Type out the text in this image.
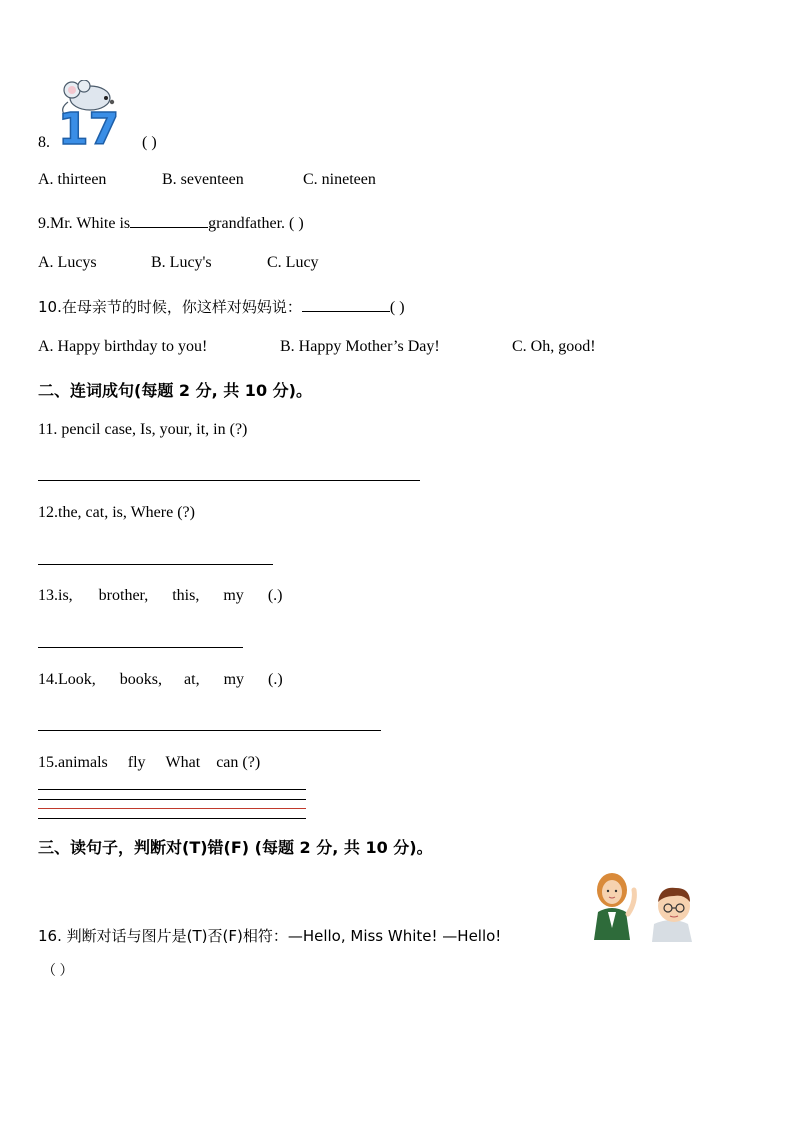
17
8.	( )
A. thirteen	B. seventeen	C. nineteen
9.Mr. White is	grandfather. ( )
A. Lucys	B. Lucy's	C. Lucy
10.在母亲节的时候，你这样对妈妈说：	( )
A. Happy birthday to you!	B. Happy Mother’s Day!	C. Oh, good!
二、连词成句(每题 2 分, 共 10 分)。
11. pencil case, Is, your, it, in (?)
12.the, cat, is, Where (?)
13.is, brother, this, my (.)
14.Look, books, at, my (.)
15.animals fly What can (?)
三、读句子，判断对(T)错(F) (每题 2 分, 共 10 分)。
16. 判断对话与图片是(T)否(F)相符：—Hello, Miss White! —Hello!
（ ）
